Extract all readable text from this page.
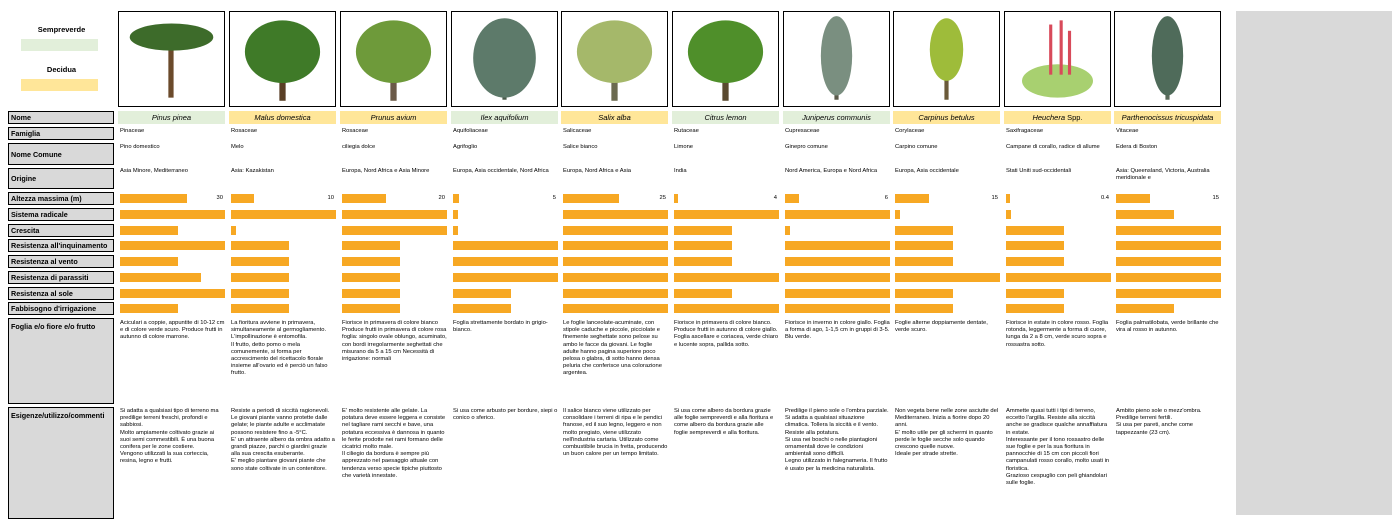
Sempreverde
Decidua
Nome
Famiglia
Nome Comune
Origine
Altezza massima (m)
Sistema radicale
Crescita
Resistenza all'inquinamento
Resistenza al vento
Resistenza di parassiti
Resistenza al sole
Fabbisogno d'irrigazione
Foglia e/o fiore e/o frutto
Esigenze/utilizzo/commenti
Pinus pinea
Pinaceae
Pino domestico
Asia Minore, Mediterraneo
Aciculari a coppie, appuntite di 10-12 cm e di colore verde scuro. Produce frutti in autunno di colore marrone.
Si adatta a qualsiasi tipo di terreno ma predilige terreni freschi, profondi e sabbiosi.
Molto ampiamente coltivato grazie ai suoi semi commestibili. È una buona conifera per le zone costiere.
Vengono utilizzati la sua corteccia, resina, legno e frutti.
30
Malus domestica
Rosaceae
Melo
Asia: Kazakistan
La fioritura avviene in primavera, simultaneamente al germogliamento. L'impollinazione è entomofila.
Il frutto, detto pomo o mela comunemente, si forma per accrescimento del ricettacolo florale insieme all'ovario ed è perciò un falso frutto.
Resiste a periodi di siccità ragionevoli. Le giovani piante vanno protette dalle gelate; le piante adulte e acclimatate possono resistere fino a -5°C.
E' un attraente albero da ombra adatto a grandi piazze, parchi o giardini grazie alla sua crescita esuberante.
E' meglio piantare giovani piante che sono state coltivate in un contenitore.
10
Prunus avium
Rosaceae
ciliegia dolce
Europa, Nord Africa e Asia Minore
Fiorisce in primavera di colore bianco Produce frutti in primavera di colore rosa
foglia: singolo ovale oblungo, acuminato, con bordi irregolarmente seghettati che misurano da 5 a 15 cm Necessità di irrigazione: normali
E' molto resistente alle gelate. La potatura deve essere leggera e consiste nel tagliare rami secchi e bave, una potatura eccessiva è dannosa in quanto le ferite prodotte nei rami formano delle cicatrici molto male.
Il ciliegio da bordura è sempre più apprezzato nel paesaggio attuale con tendenza verso specie tipiche piuttosto che varietà innestate.
20
Ilex aquifolium
Aquifoliaceae
Agrifoglio
Europa, Asia occidentale, Nord Africa
Foglia strettamente bordato in grigio-bianco.
Si usa come arbusto per bordure, siepi o conico o sferico.
5
Salix alba
Salicaceae
Salice bianco
Europa, Nord Africa e Asia
Le foglie lanceolate-acuminate, con stipole caduche e piccole, picciolate e finemente seghettate sono pelose su ambo le facce da giovani. Le foglie adulte hanno pagina superiore poco pelosa o glabra, di sotto hanno densa peluria che conferisce una colorazione argentea.
Il salice bianco viene utilizzato per consolidare i terreni di ripa e le pendici franose, ed il suo legno, leggero e non molto pregiato, viene utilizzato nell'industria cartaria. Utilizzato come combustibile brucia in fretta, producendo un buon calore per un tempo limitato.
25
Citrus lemon
Rutaceae
Limone
India
Fiorisce in primavera di colore bianco.
Produce frutti in autunno di colore giallo.
Foglia ascellare e coriacea, verde chiaro e lucente sopra, pallida sotto.
Si usa come albero da bordura grazie alle foglie sempreverdi e alla fioritura e come albero da bordura grazie alle foglie sempreverdi e alla fioritura.
4
Juniperus communis
Cupresaceae
Ginepro comune
Nord America, Europa e Nord Africa
Fiorisce in inverno in colore giallo. Foglia a forma di ago, 1-1,5 cm in gruppi di 3-5. Blu verde.
Predilige il pieno sole o l'ombra parziale. Si adatta a qualsiasi situazione climatica. Tollera la siccità e il vento. Resiste alla potatura.
Si usa nei boschi o nelle piantagioni ornamentali dove le condizioni ambientali sono difficili.
Legno utilizzato in falegnameria. Il frutto è usato per la medicina naturalista.
6
Carpinus betulus
Corylaceae
Carpino comune
Europa, Asia occidentale
Foglie alterne doppiamente dentate, verde scuro.
Non vegeta bene nelle zone asciutte del Mediterraneo. Inizia a fiorire dopo 20 anni.
E' molto utile per gli schermi in quanto perde le foglie secche solo quando crescono quelle nuove.
Ideale per strade strette.
15
Heuchera Spp.
Saxifragaceae
Campane di corallo, radice di allume
Stati Uniti sud-occidentali
Fiorisce in estate in colore rosso. Foglia rotonda, leggermente a forma di cuore, lunga da 2 a 8 cm, verde scuro sopra e rossastra sotto.
Ammette quasi tutti i tipi di terreno, eccetto l'argilla. Resiste alla siccità anche se gradisce qualche annaffiatura in estate.
Interessante per il tono rossastro delle sue foglie e per la sua fioritura in pannocchie di 15 cm con piccoli fiori campanulati rosso corallo, molto usati in floristica.
Grazioso cespuglio con peli ghiandolari sulle foglie.
0.4
Parthenocissus tricuspidata
Vitaceae
Edera di Boston
Asia: Queensland, Victoria, Australia meridionale e
Foglia palmatilobata, verde brillante che vira al rosso in autunno.
Ambito pieno sole o mezz'ombra. Predilige terreni fertili.
Si usa per pareti, anche come tappezzante (23 cm).
15
